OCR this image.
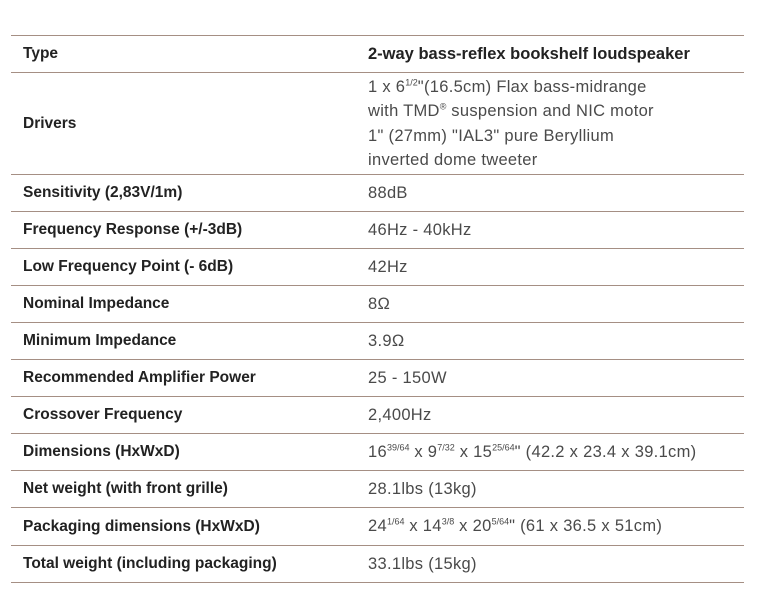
Type	2-way bass-reflex bookshelf loudspeaker

Drivers	1 x $6^{1/2}"(16.5cm)$ Flax bass-midrange
with TMD® suspension and NIC motor
1" (27mm) "IAL3" pure Beryllium
inverted dome tweeter

Sensitivity (2,83V/1m)	88dB

Frequency Response (+/-3dB)	46Hz - 40kHz

Low Frequency Point (- 6dB)	42Hz

Nominal Impedance	8Ω

Minimum Impedance	3.9Ω

Recommended Amplifier Power	25 - 150W

Crossover Frequency	2,400Hz

Dimensions (HxWxD)	$16^{39/64}$ x $9^{7/32}$ x $15^{25/64}$" (42.2 x 23.4 x 39.1cm)

Net weight (with front grille)	28.1lbs (13kg)

Packaging dimensions (HxWxD)	$24^{1/64}$ x $14^{3/8}$ x $20^{5/64}$" (61 x 36.5 x 51cm)

Total weight (including packaging)	33.1lbs (15kg)
